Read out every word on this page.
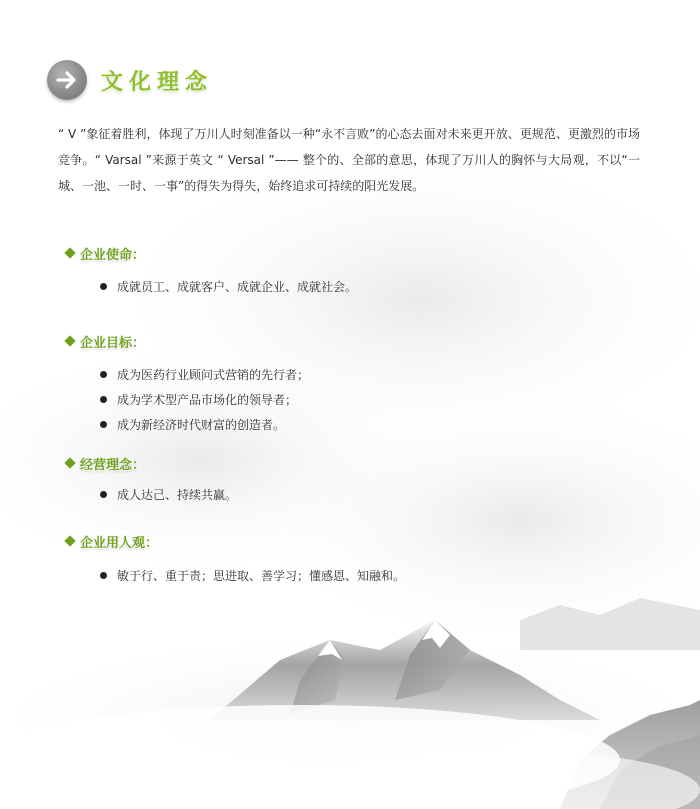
文化理念

“ V ”象征着胜利，体现了万川人时刻准备以一种“永不言败”的心态去面对未来更开放、更规范、更激烈的市场竞争。“ Varsal ”来源于英文 “ Versal ”—— 整个的、全部的意思，体现了万川人的胸怀与大局观，不以“一城、一池、一时、一事”的得失为得失，始终追求可持续的阳光发展。

企业使命：
成就员工、成就客户、成就企业、成就社会。
企业目标：
成为医药行业顾问式营销的先行者；
成为学术型产品市场化的领导者；
成为新经济时代财富的创造者。
经营理念：
成人达己、持续共赢。
企业用人观：
敏于行、重于责；思进取、善学习；懂感恩、知融和。
